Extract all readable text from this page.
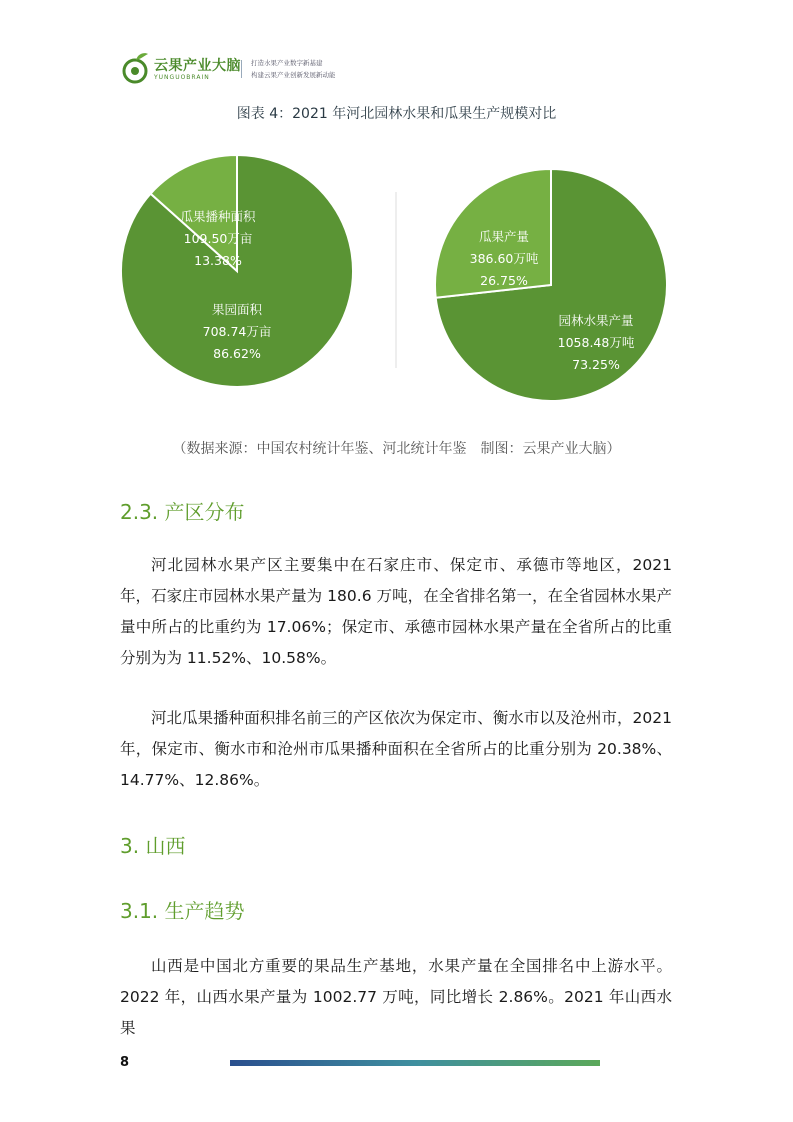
云果产业大脑
YUNGUOBRAIN
打造水果产业数字新基建
构建云果产业创新发展新动能
图表 4：2021 年河北园林水果和瓜果生产规模对比
果园面积
708.74万亩
86.62%
瓜果播种面积
109.50万亩
13.38%
园林水果产量
1058.48万吨
73.25%
瓜果产量
386.60万吨
26.75%
（数据来源：中国农村统计年鉴、河北统计年鉴　制图：云果产业大脑）
2.3. 产区分布
河北园林水果产区主要集中在石家庄市、保定市、承德市等地区，2021 年，石家庄市园林水果产量为 180.6 万吨，在全省排名第一，在全省园林水果产量中所占的比重约为 17.06%；保定市、承德市园林水果产量在全省所占的比重分别为为 11.52%、10.58%。
河北瓜果播种面积排名前三的产区依次为保定市、衡水市以及沧州市，2021 年，保定市、衡水市和沧州市瓜果播种面积在全省所占的比重分别为 20.38%、14.77%、12.86%。
3. 山西
3.1. 生产趋势
山西是中国北方重要的果品生产基地，水果产量在全国排名中上游水平。2022 年，山西水果产量为 1002.77 万吨，同比增长 2.86%。2021 年山西水果
8
